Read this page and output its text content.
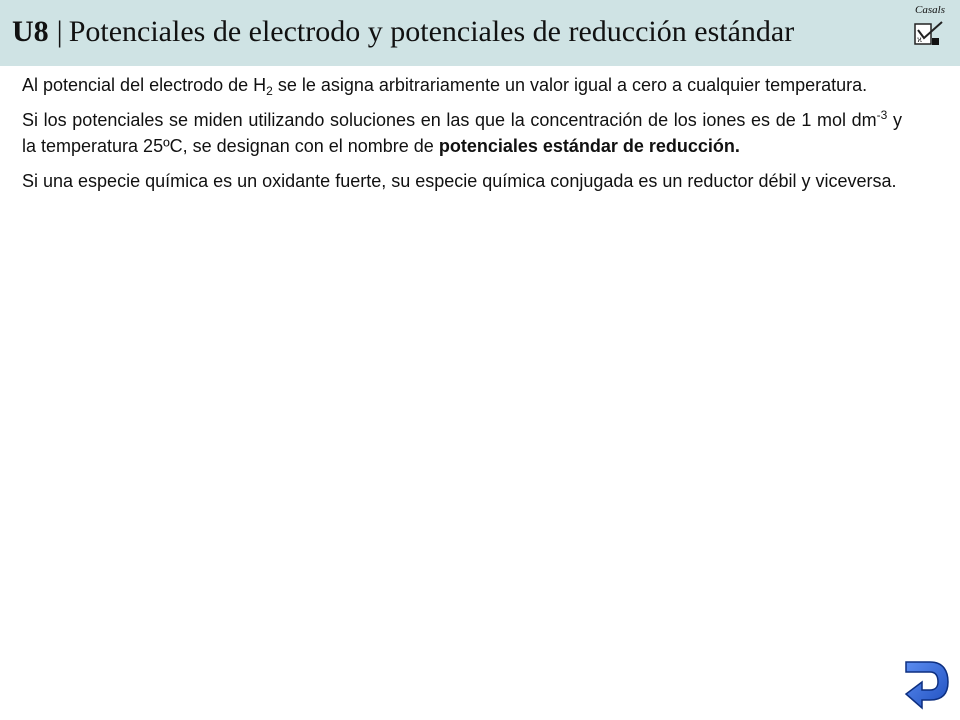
U8 | Potenciales de electrodo y potenciales de reducción estándar
Casals
ϰ

Al potencial del electrodo de $H_2$ se le asigna arbitrariamente un valor igual a cero a cualquier temperatura.

Si los potenciales se miden utilizando soluciones en las que la concentración de los iones es de 1 mol $dm^{-3}$ y la temperatura 25ºC, se designan con el nombre de potenciales estándar de reducción.

Si una especie química es un oxidante fuerte, su especie química conjugada es un reductor débil y viceversa.
